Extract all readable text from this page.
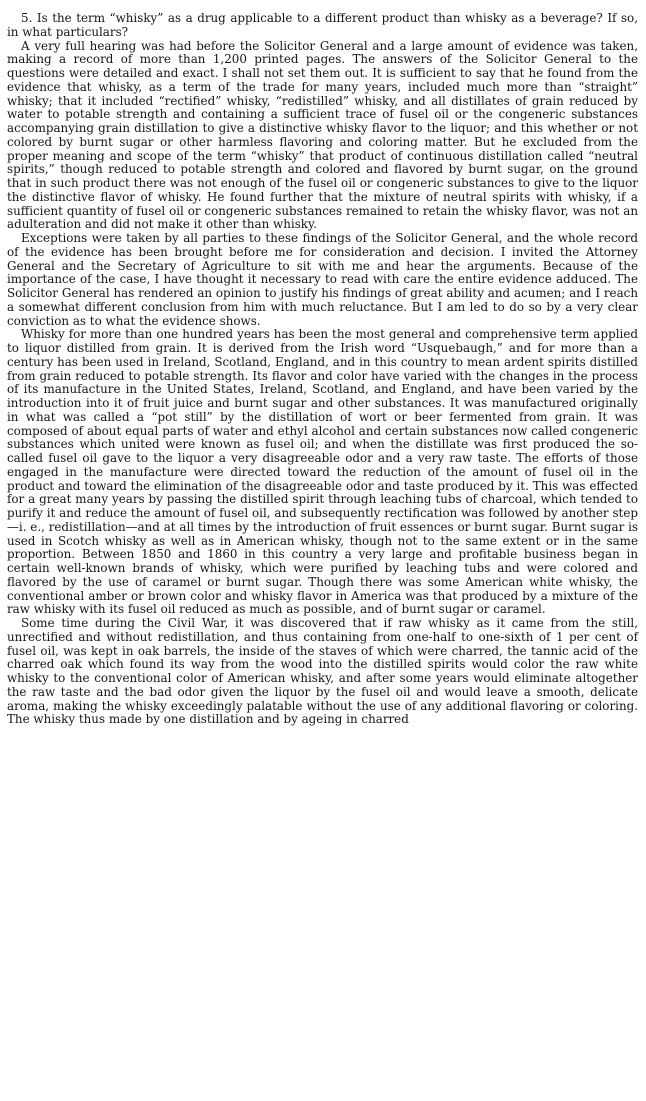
5. Is the term “whisky” as a drug applicable to a different product than whisky as a beverage? If so, in what particulars?

A very full hearing was had before the Solicitor General and a large amount of evidence was taken, making a record of more than 1,200 printed pages. The answers of the Solicitor General to the questions were detailed and exact. I shall not set them out. It is sufficient to say that he found from the evidence that whisky, as a term of the trade for many years, included much more than “straight” whisky; that it included “rectified” whisky, “redistilled” whisky, and all distillates of grain reduced by water to potable strength and containing a sufficient trace of fusel oil or the congeneric substances accompanying grain distillation to give a distinctive whisky flavor to the liquor; and this whether or not colored by burnt sugar or other harmless flavoring and coloring matter. But he excluded from the proper meaning and scope of the term “whisky” that product of continuous distillation called “neutral spirits,” though reduced to potable strength and colored and flavored by burnt sugar, on the ground that in such product there was not enough of the fusel oil or congeneric substances to give to the liquor the distinctive flavor of whisky. He found further that the mixture of neutral spirits with whisky, if a sufficient quantity of fusel oil or congeneric substances remained to retain the whisky flavor, was not an adulteration and did not make it other than whisky.

Exceptions were taken by all parties to these findings of the Solicitor General, and the whole record of the evidence has been brought before me for consideration and decision. I invited the Attorney General and the Secretary of Agriculture to sit with me and hear the arguments. Because of the importance of the case, I have thought it necessary to read with care the entire evidence adduced. The Solicitor General has rendered an opinion to justify his findings of great ability and acumen; and I reach a somewhat different conclusion from him with much reluctance. But I am led to do so by a very clear conviction as to what the evidence shows.

Whisky for more than one hundred years has been the most general and comprehensive term applied to liquor distilled from grain. It is derived from the Irish word “Usquebaugh,” and for more than a century has been used in Ireland, Scotland, England, and in this country to mean ardent spirits distilled from grain reduced to potable strength. Its flavor and color have varied with the changes in the process of its manufacture in the United States, Ireland, Scotland, and England, and have been varied by the introduction into it of fruit juice and burnt sugar and other substances. It was manufactured originally in what was called a “pot still” by the distillation of wort or beer fermented from grain. It was composed of about equal parts of water and ethyl alcohol and certain substances now called congeneric substances which united were known as fusel oil; and when the distillate was first produced the so-called fusel oil gave to the liquor a very disagreeable odor and a very raw taste. The efforts of those engaged in the manufacture were directed toward the reduction of the amount of fusel oil in the product and toward the elimination of the disagreeable odor and taste produced by it. This was effected for a great many years by passing the distilled spirit through leaching tubs of charcoal, which tended to purify it and reduce the amount of fusel oil, and subsequently rectification was followed by another step—i. e., redistillation—and at all times by the introduction of fruit essences or burnt sugar. Burnt sugar is used in Scotch whisky as well as in American whisky, though not to the same extent or in the same proportion. Between 1850 and 1860 in this country a very large and profitable business began in certain well-known brands of whisky, which were purified by leaching tubs and were colored and flavored by the use of caramel or burnt sugar. Though there was some American white whisky, the conventional amber or brown color and whisky flavor in America was that produced by a mixture of the raw whisky with its fusel oil reduced as much as possible, and of burnt sugar or caramel.

Some time during the Civil War, it was discovered that if raw whisky as it came from the still, unrectified and without redistillation, and thus containing from one-half to one-sixth of 1 per cent of fusel oil, was kept in oak barrels, the inside of the staves of which were charred, the tannic acid of the charred oak which found its way from the wood into the distilled spirits would color the raw white whisky to the conventional color of American whisky, and after some years would eliminate altogether the raw taste and the bad odor given the liquor by the fusel oil and would leave a smooth, delicate aroma, making the whisky exceedingly palatable without the use of any additional flavoring or coloring. The whisky thus made by one distillation and by ageing in charred
